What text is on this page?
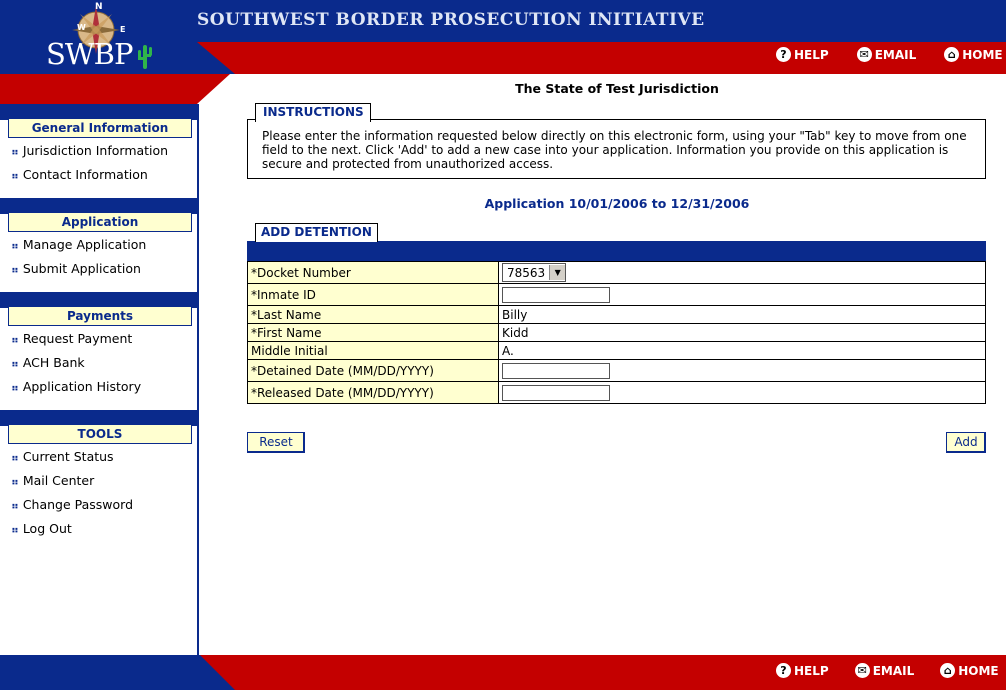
SOUTHWEST BORDER PROSECUTION INITIATIVE
N
W	E
SWBP	? HELP	✉ EMAIL	⌂ HOME
General Information
⠶ Jurisdiction Information
⠶ Contact Information
Application
⠶ Manage Application
⠶ Submit Application
Payments
⠶ Request Payment
⠶ ACH Bank
⠶ Application History
TOOLS
⠶ Current Status
⠶ Mail Center
⠶ Change Password
⠶ Log Out
The State of Test Jurisdiction
INSTRUCTIONS
Please enter the information requested below directly on this electronic form, using your "Tab" key to move from one field to the next. Click 'Add' to add a new case into your application. Information you provide on this application is secure and protected from unauthorized access.
Application 10/01/2006 to 12/31/2006
ADD DETENTION
*Docket Number	78563 ▼

*Inmate ID	
*Last Name	Billy
*First Name	Kidd
Middle Initial	A.
*Detained Date (MM/DD/YYYY)	
*Released Date (MM/DD/YYYY)	
Reset	Add
? HELP	✉ EMAIL	⌂ HOME
